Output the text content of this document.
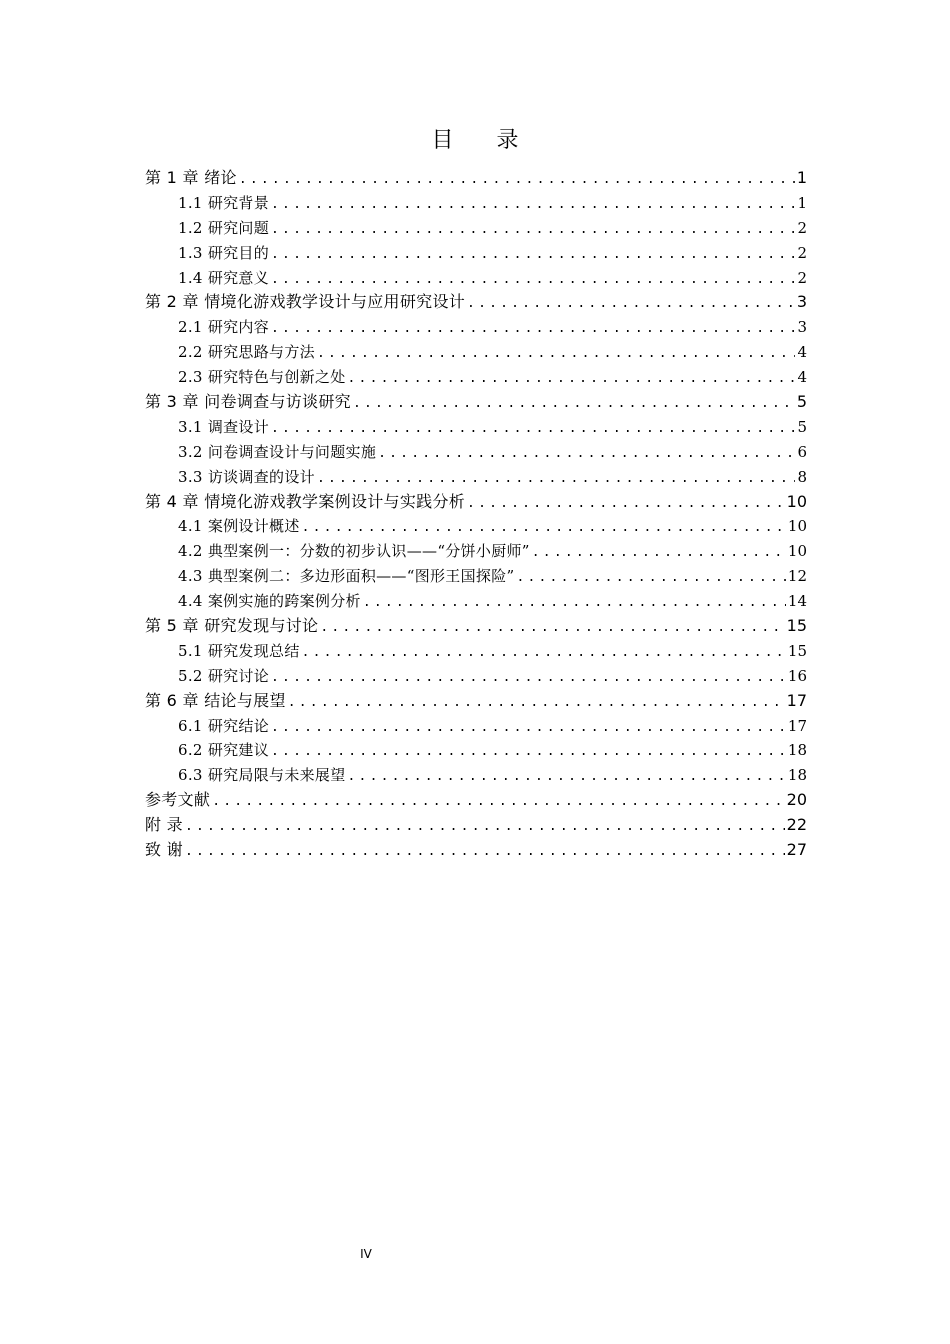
目 录
第 1 章 绪论 .....	1
1.1 研究背景 .....	1
1.2 研究问题 .....	2
1.3 研究目的 .....	2
1.4 研究意义 .....	2
第 2 章 情境化游戏教学设计与应用研究设计 .....	3
2.1 研究内容 .....	3
2.2 研究思路与方法 .....	4
2.3 研究特色与创新之处 .....	4
第 3 章 问卷调查与访谈研究 .....	5
3.1 调查设计 .....	5
3.2 问卷调查设计与问题实施 .....	6
3.3 访谈调查的设计 .....	8
第 4 章 情境化游戏教学案例设计与实践分析 .....	10
4.1 案例设计概述 .....	10
4.2 典型案例一：分数的初步认识——“分饼小厨师” .....	10
4.3 典型案例二：多边形面积——“图形王国探险” .....	12
4.4 案例实施的跨案例分析 .....	14
第 5 章 研究发现与讨论 .....	15
5.1 研究发现总结 .....	15
5.2 研究讨论 .....	16
第 6 章 结论与展望 .....	17
6.1 研究结论 .....	17
6.2 研究建议 .....	18
6.3 研究局限与未来展望 .....	18
参考文献 .....	20
附 录 .....	22
致 谢 .....	27
IV
